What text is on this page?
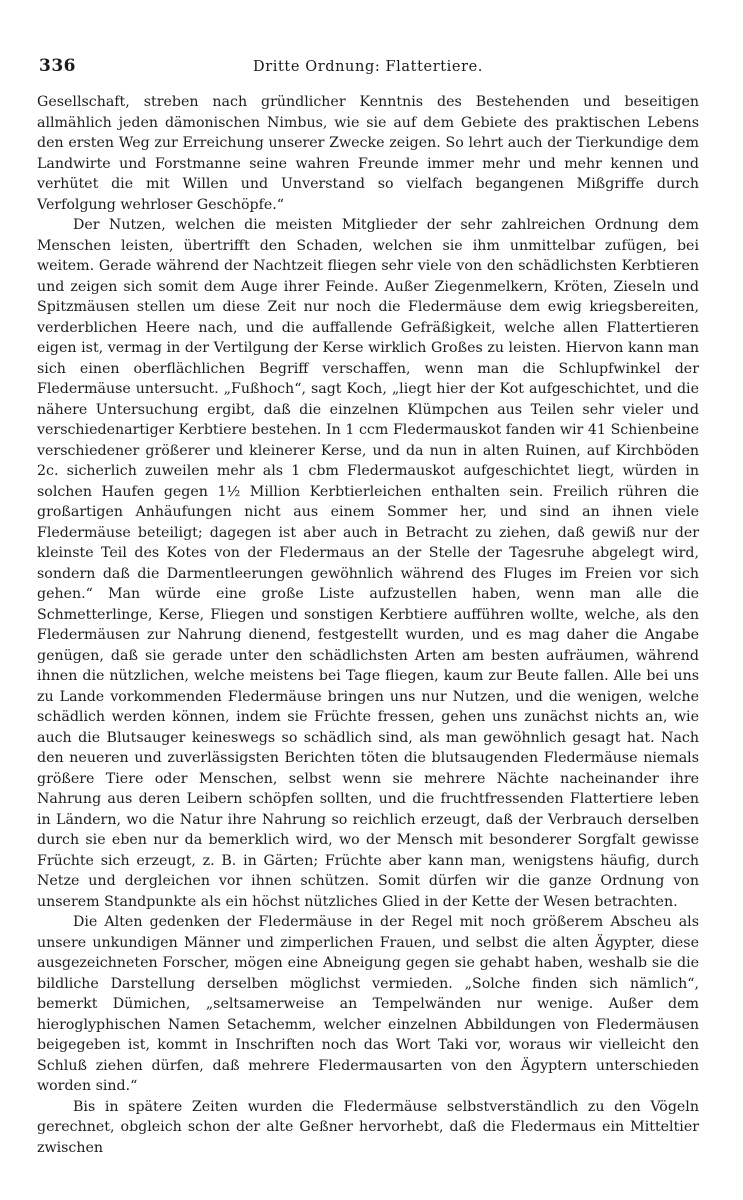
336	Dritte Ordnung: Flattertiere.

Gesellschaft, streben nach gründlicher Kenntnis des Bestehenden und beseitigen allmählich jeden dämonischen Nimbus, wie sie auf dem Gebiete des praktischen Lebens den ersten Weg zur Erreichung unserer Zwecke zeigen. So lehrt auch der Tierkundige dem Landwirte und Forstmanne seine wahren Freunde immer mehr und mehr kennen und verhütet die mit Willen und Unverstand so vielfach begangenen Mißgriffe durch Verfolgung wehrloser Geschöpfe.“

Der Nutzen, welchen die meisten Mitglieder der sehr zahlreichen Ordnung dem Menschen leisten, übertrifft den Schaden, welchen sie ihm unmittelbar zufügen, bei weitem. Gerade während der Nachtzeit fliegen sehr viele von den schädlichsten Kerbtieren und zeigen sich somit dem Auge ihrer Feinde. Außer Ziegenmelkern, Kröten, Zieseln und Spitzmäusen stellen um diese Zeit nur noch die Fledermäuse dem ewig kriegsbereiten, verderblichen Heere nach, und die auffallende Gefräßigkeit, welche allen Flattertieren eigen ist, vermag in der Vertilgung der Kerse wirklich Großes zu leisten. Hiervon kann man sich einen oberflächlichen Begriff verschaffen, wenn man die Schlupfwinkel der Fledermäuse untersucht. „Fußhoch“, sagt Koch, „liegt hier der Kot aufgeschichtet, und die nähere Untersuchung ergibt, daß die einzelnen Klümpchen aus Teilen sehr vieler und verschiedenartiger Kerbtiere bestehen. In 1 ccm Fledermauskot fanden wir 41 Schienbeine verschiedener größerer und kleinerer Kerse, und da nun in alten Ruinen, auf Kirchböden 2c. sicherlich zuweilen mehr als 1 cbm Fledermauskot aufgeschichtet liegt, würden in solchen Haufen gegen 1½ Million Kerbtierleichen enthalten sein. Freilich rühren die großartigen Anhäufungen nicht aus einem Sommer her, und sind an ihnen viele Fledermäuse beteiligt; dagegen ist aber auch in Betracht zu ziehen, daß gewiß nur der kleinste Teil des Kotes von der Fledermaus an der Stelle der Tagesruhe abgelegt wird, sondern daß die Darmentleerungen gewöhnlich während des Fluges im Freien vor sich gehen.“ Man würde eine große Liste aufzustellen haben, wenn man alle die Schmetterlinge, Kerse, Fliegen und sonstigen Kerbtiere aufführen wollte, welche, als den Fledermäusen zur Nahrung dienend, festgestellt wurden, und es mag daher die Angabe genügen, daß sie gerade unter den schädlichsten Arten am besten aufräumen, während ihnen die nützlichen, welche meistens bei Tage fliegen, kaum zur Beute fallen. Alle bei uns zu Lande vorkommenden Fledermäuse bringen uns nur Nutzen, und die wenigen, welche schädlich werden können, indem sie Früchte fressen, gehen uns zunächst nichts an, wie auch die Blutsauger keineswegs so schädlich sind, als man gewöhnlich gesagt hat. Nach den neueren und zuverlässigsten Berichten töten die blutsaugenden Fledermäuse niemals größere Tiere oder Menschen, selbst wenn sie mehrere Nächte nacheinander ihre Nahrung aus deren Leibern schöpfen sollten, und die fruchtfressenden Flattertiere leben in Ländern, wo die Natur ihre Nahrung so reichlich erzeugt, daß der Verbrauch derselben durch sie eben nur da bemerklich wird, wo der Mensch mit besonderer Sorgfalt gewisse Früchte sich erzeugt, z. B. in Gärten; Früchte aber kann man, wenigstens häufig, durch Netze und dergleichen vor ihnen schützen. Somit dürfen wir die ganze Ordnung von unserem Standpunkte als ein höchst nützliches Glied in der Kette der Wesen betrachten.

Die Alten gedenken der Fledermäuse in der Regel mit noch größerem Abscheu als unsere unkundigen Männer und zimperlichen Frauen, und selbst die alten Ägypter, diese ausgezeichneten Forscher, mögen eine Abneigung gegen sie gehabt haben, weshalb sie die bildliche Darstellung derselben möglichst vermieden. „Solche finden sich nämlich“, bemerkt Dümichen, „seltsamerweise an Tempelwänden nur wenige. Außer dem hieroglyphischen Namen Setachemm, welcher einzelnen Abbildungen von Fledermäusen beigegeben ist, kommt in Inschriften noch das Wort Taki vor, woraus wir vielleicht den Schluß ziehen dürfen, daß mehrere Fledermausarten von den Ägyptern unterschieden worden sind.“

Bis in spätere Zeiten wurden die Fledermäuse selbstverständlich zu den Vögeln gerechnet, obgleich schon der alte Geßner hervorhebt, daß die Fledermaus ein Mitteltier zwischen
